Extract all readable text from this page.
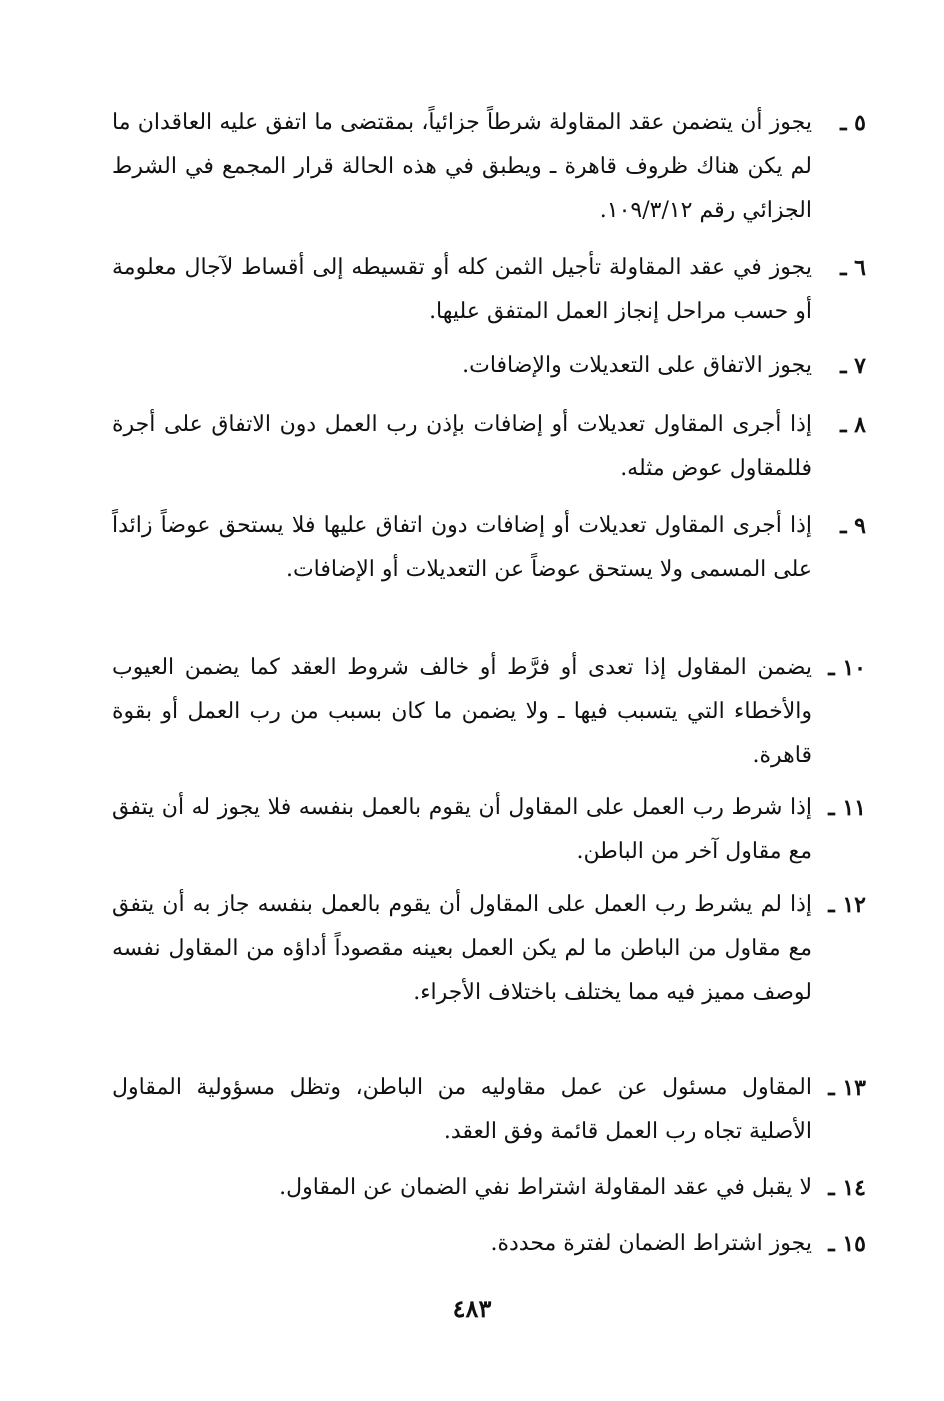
٥ ـ
يجوز أن يتضمن عقد المقاولة شرطاً جزائياً، بمقتضى ما اتفق عليه العاقدان ما لم يكن هناك ظروف قاهرة ـ ويطبق في هذه الحالة قرار المجمع في الشرط الجزائي رقم ١٠٩/٣/١٢.
٦ ـ
يجوز في عقد المقاولة تأجيل الثمن كله أو تقسيطه إلى أقساط لآجال معلومة أو حسب مراحل إنجاز العمل المتفق عليها.
٧ ـ
يجوز الاتفاق على التعديلات والإضافات.
٨ ـ
إذا أجرى المقاول تعديلات أو إضافات بإذن رب العمل دون الاتفاق على أجرة فللمقاول عوض مثله.
٩ ـ
إذا أجرى المقاول تعديلات أو إضافات دون اتفاق عليها فلا يستحق عوضاً زائداً على المسمى ولا يستحق عوضاً عن التعديلات أو الإضافات.
١٠ ـ
يضمن المقاول إذا تعدى أو فرَّط أو خالف شروط العقد كما يضمن العيوب والأخطاء التي يتسبب فيها ـ ولا يضمن ما كان بسبب من رب العمل أو بقوة قاهرة.
١١ ـ
إذا شرط رب العمل على المقاول أن يقوم بالعمل بنفسه فلا يجوز له أن يتفق مع مقاول آخر من الباطن.
١٢ ـ
إذا لم يشرط رب العمل على المقاول أن يقوم بالعمل بنفسه جاز به أن يتفق مع مقاول من الباطن ما لم يكن العمل بعينه مقصوداً أداؤه من المقاول نفسه لوصف مميز فيه مما يختلف باختلاف الأجراء.
١٣ ـ
المقاول مسئول عن عمل مقاوليه من الباطن، وتظل مسؤولية المقاول الأصلية تجاه رب العمل قائمة وفق العقد.
١٤ ـ
لا يقبل في عقد المقاولة اشتراط نفي الضمان عن المقاول.
١٥ ـ
يجوز اشتراط الضمان لفترة محددة.
٤٨٣
